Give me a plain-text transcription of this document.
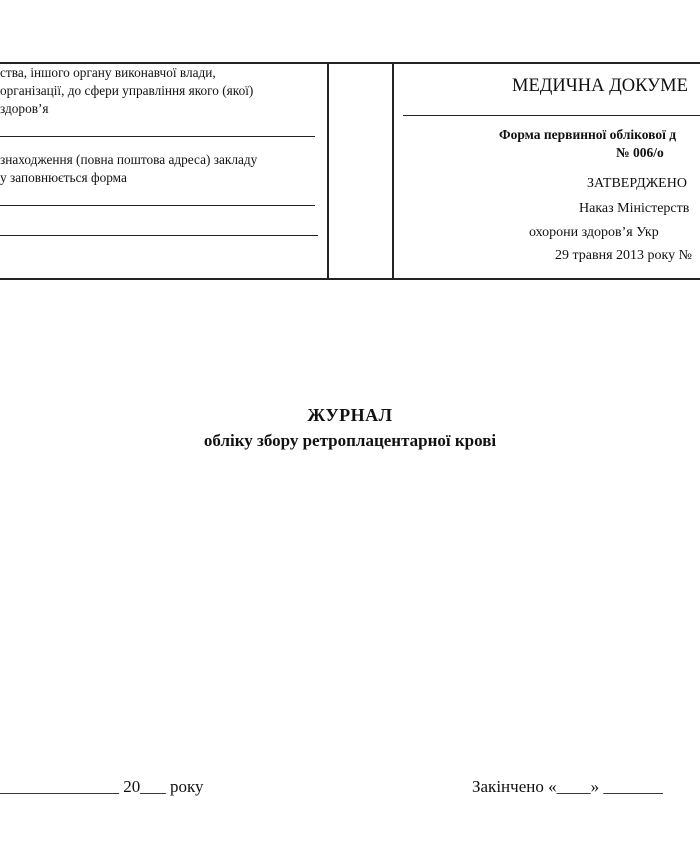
ства, іншого органу виконавчої влади,
організації, до сфери управління якого (якої)
здоров’я
знаходження (повна поштова адреса) закладу
у заповнюється форма
МЕДИЧНА ДОКУМЕ
Форма первинної облікової д
№ 006/о
ЗАТВЕРДЖЕНО
Наказ Міністерств
охорони здоров’я Укр
29 травня 2013 року №
ЖУРНАЛ
обліку збору ретроплацентарної крові
______________ 20___ року	Закінчено «____» _______
